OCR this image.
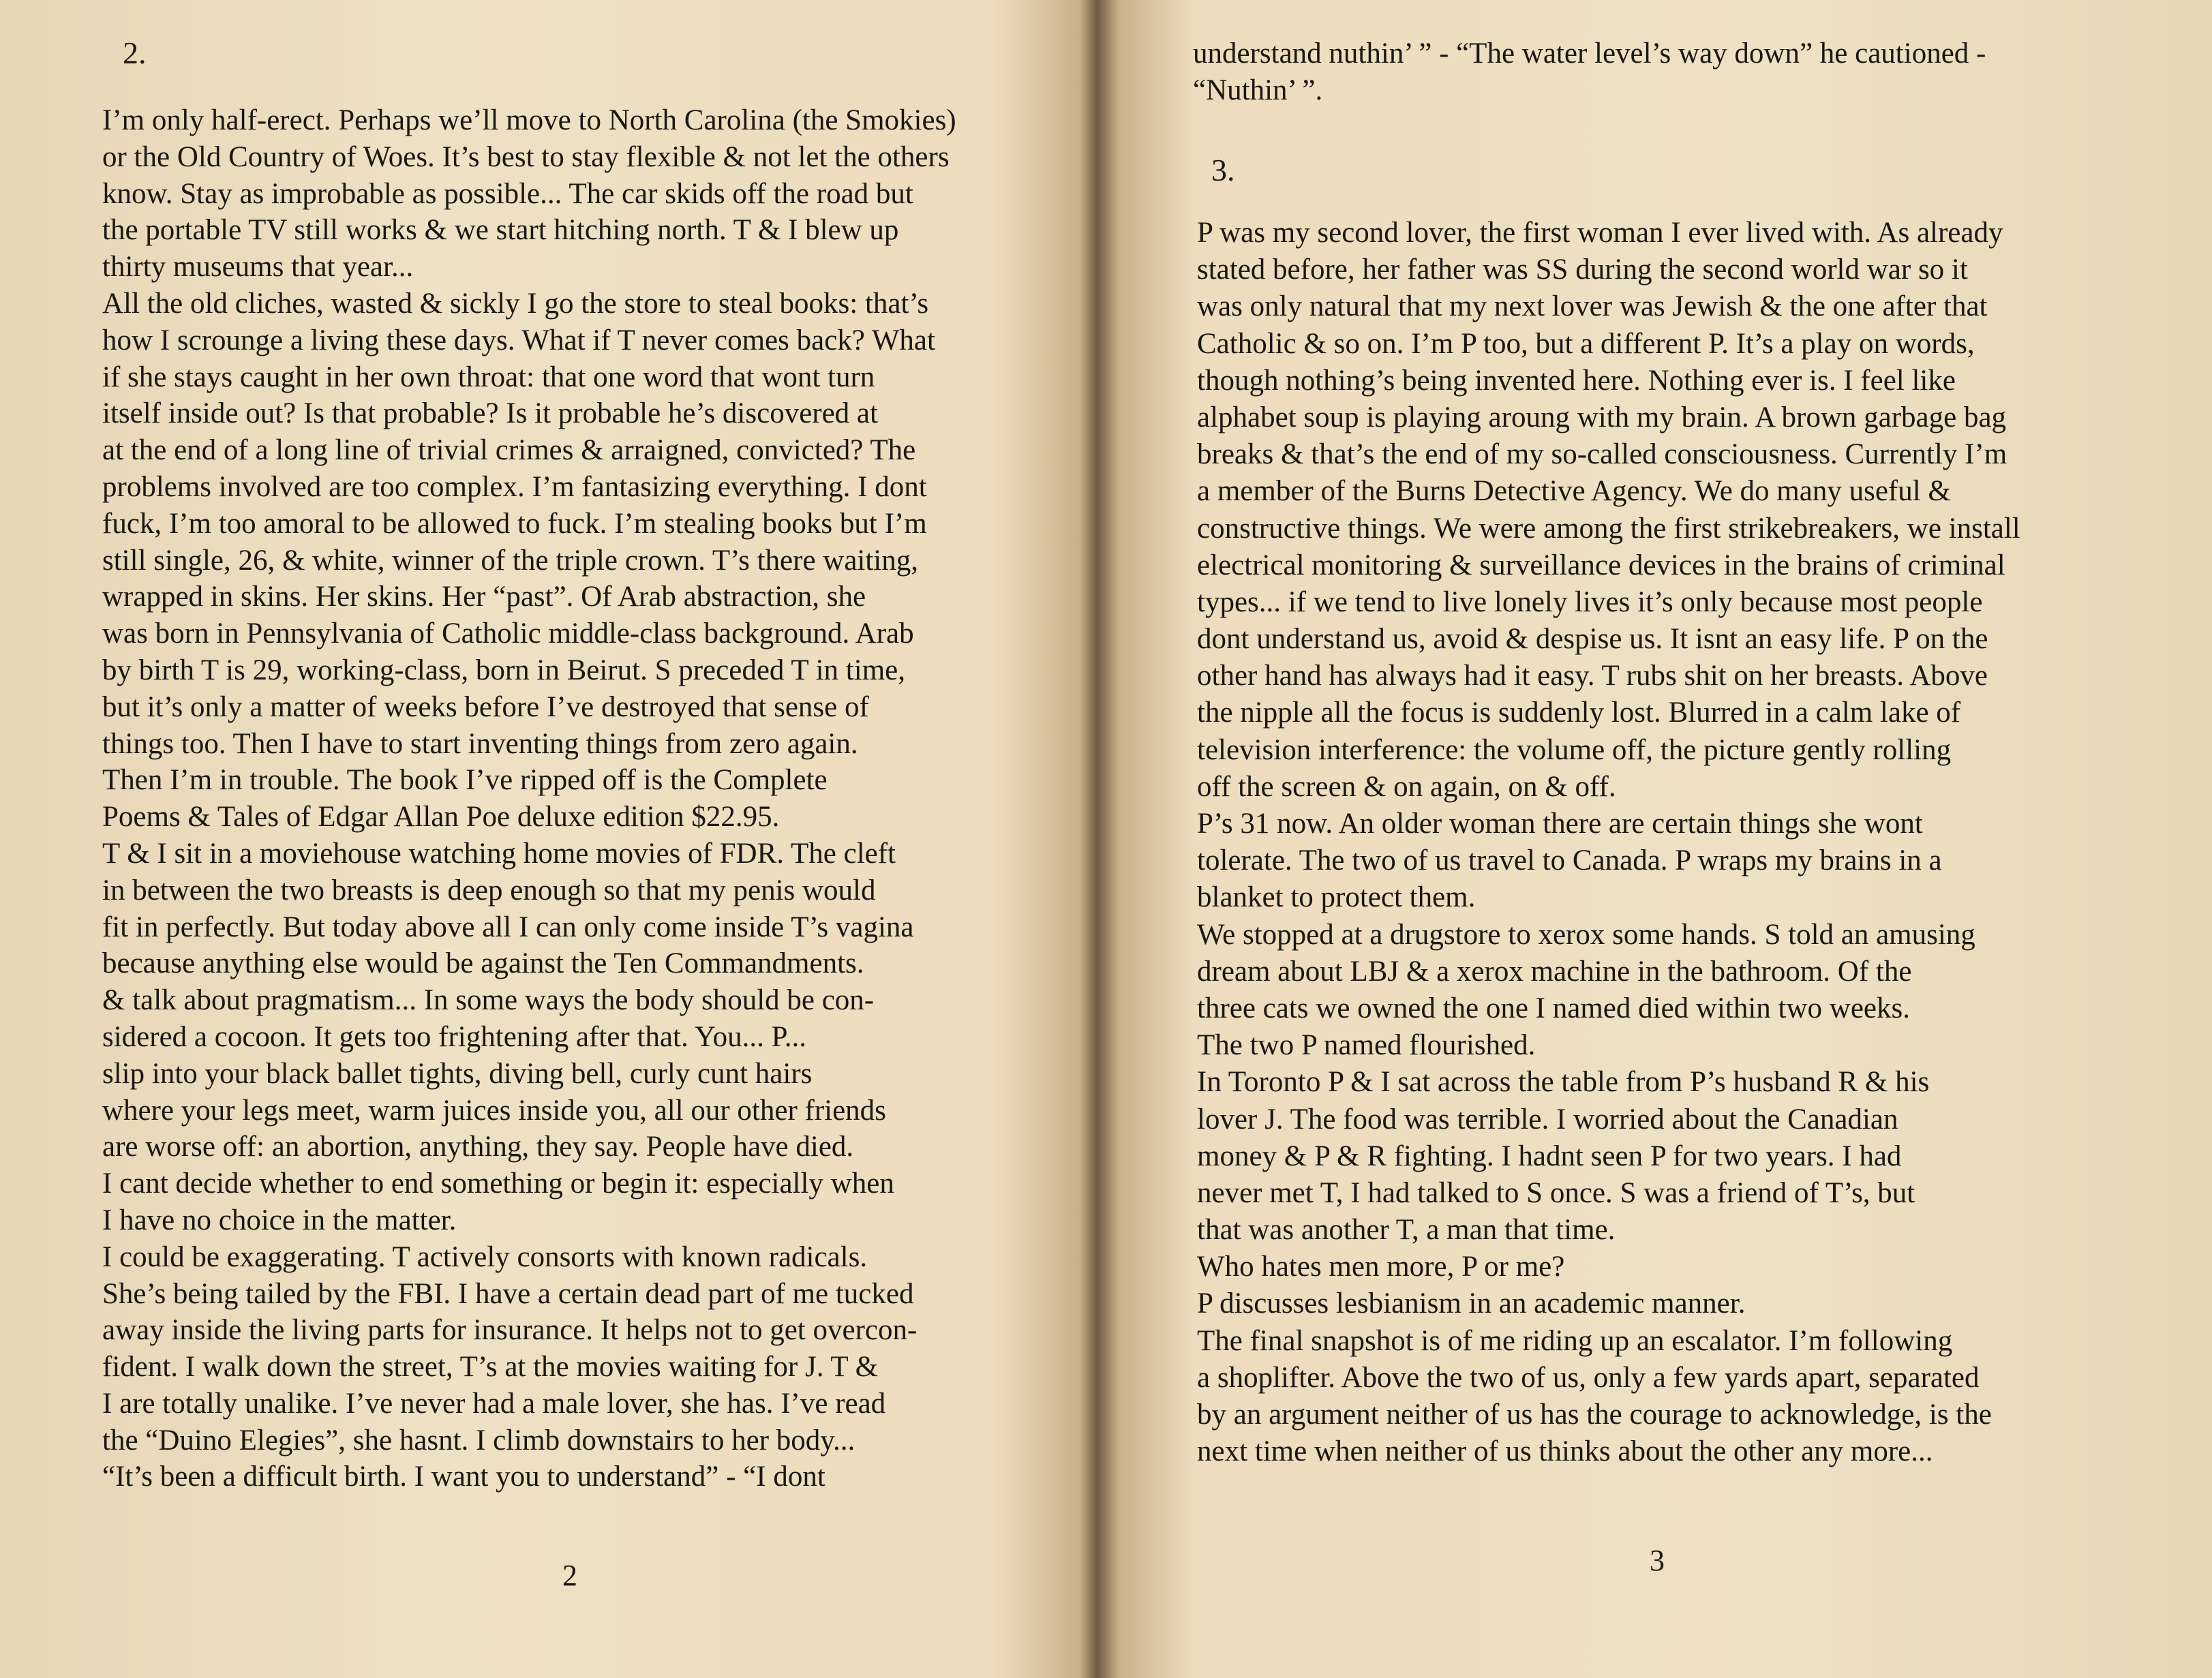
2.
I’m only half-erect. Perhaps we’ll move to North Carolina (the Smokies)
or the Old Country of Woes. It’s best to stay flexible & not let the others
know. Stay as improbable as possible... The car skids off the road but
the portable TV still works & we start hitching north. T & I blew up
thirty museums that year...
All the old cliches, wasted & sickly I go the store to steal books: that’s
how I scrounge a living these days. What if T never comes back? What
if she stays caught in her own throat: that one word that wont turn
itself inside out? Is that probable? Is it probable he’s discovered at
at the end of a long line of trivial crimes & arraigned, convicted? The
problems involved are too complex. I’m fantasizing everything. I dont
fuck, I’m too amoral to be allowed to fuck. I’m stealing books but I’m
still single, 26, & white, winner of the triple crown. T’s there waiting,
wrapped in skins. Her skins. Her “past”. Of Arab abstraction, she
was born in Pennsylvania of Catholic middle-class background. Arab
by birth T is 29, working-class, born in Beirut. S preceded T in time,
but it’s only a matter of weeks before I’ve destroyed that sense of
things too. Then I have to start inventing things from zero again.
Then I’m in trouble. The book I’ve ripped off is the Complete
Poems & Tales of Edgar Allan Poe deluxe edition $22.95.
T & I sit in a moviehouse watching home movies of FDR. The cleft
in between the two breasts is deep enough so that my penis would
fit in perfectly. But today above all I can only come inside T’s vagina
because anything else would be against the Ten Commandments.
& talk about pragmatism... In some ways the body should be con-
sidered a cocoon. It gets too frightening after that. You... P...
slip into your black ballet tights, diving bell, curly cunt hairs
where your legs meet, warm juices inside you, all our other friends
are worse off: an abortion, anything, they say. People have died.
I cant decide whether to end something or begin it: especially when
I have no choice in the matter.
I could be exaggerating. T actively consorts with known radicals.
She’s being tailed by the FBI. I have a certain dead part of me tucked
away inside the living parts for insurance. It helps not to get overcon-
fident. I walk down the street, T’s at the movies waiting for J. T &
I are totally unalike. I’ve never had a male lover, she has. I’ve read
the “Duino Elegies”, she hasnt. I climb downstairs to her body...
“It’s been a difficult birth. I want you to understand” - “I dont
2
understand nuthin’ ” - “The water level’s way down” he cautioned -
“Nuthin’ ”.
3.
P was my second lover, the first woman I ever lived with. As already
stated before, her father was SS during the second world war so it
was only natural that my next lover was Jewish & the one after that
Catholic & so on. I’m P too, but a different P. It’s a play on words,
though nothing’s being invented here. Nothing ever is. I feel like
alphabet soup is playing aroung with my brain. A brown garbage bag
breaks & that’s the end of my so-called consciousness. Currently I’m
a member of the Burns Detective Agency. We do many useful &
constructive things. We were among the first strikebreakers, we install
electrical monitoring & surveillance devices in the brains of criminal
types... if we tend to live lonely lives it’s only because most people
dont understand us, avoid & despise us. It isnt an easy life. P on the
other hand has always had it easy. T rubs shit on her breasts. Above
the nipple all the focus is suddenly lost. Blurred in a calm lake of
television interference: the volume off, the picture gently rolling
off the screen & on again, on & off.
P’s 31 now. An older woman there are certain things she wont
tolerate. The two of us travel to Canada. P wraps my brains in a
blanket to protect them.
We stopped at a drugstore to xerox some hands. S told an amusing
dream about LBJ & a xerox machine in the bathroom. Of the
three cats we owned the one I named died within two weeks.
The two P named flourished.
In Toronto P & I sat across the table from P’s husband R & his
lover J. The food was terrible. I worried about the Canadian
money & P & R fighting. I hadnt seen P for two years. I had
never met T, I had talked to S once. S was a friend of T’s, but
that was another T, a man that time.
Who hates men more, P or me?
P discusses lesbianism in an academic manner.
The final snapshot is of me riding up an escalator. I’m following
a shoplifter. Above the two of us, only a few yards apart, separated
by an argument neither of us has the courage to acknowledge, is the
next time when neither of us thinks about the other any more...
3
